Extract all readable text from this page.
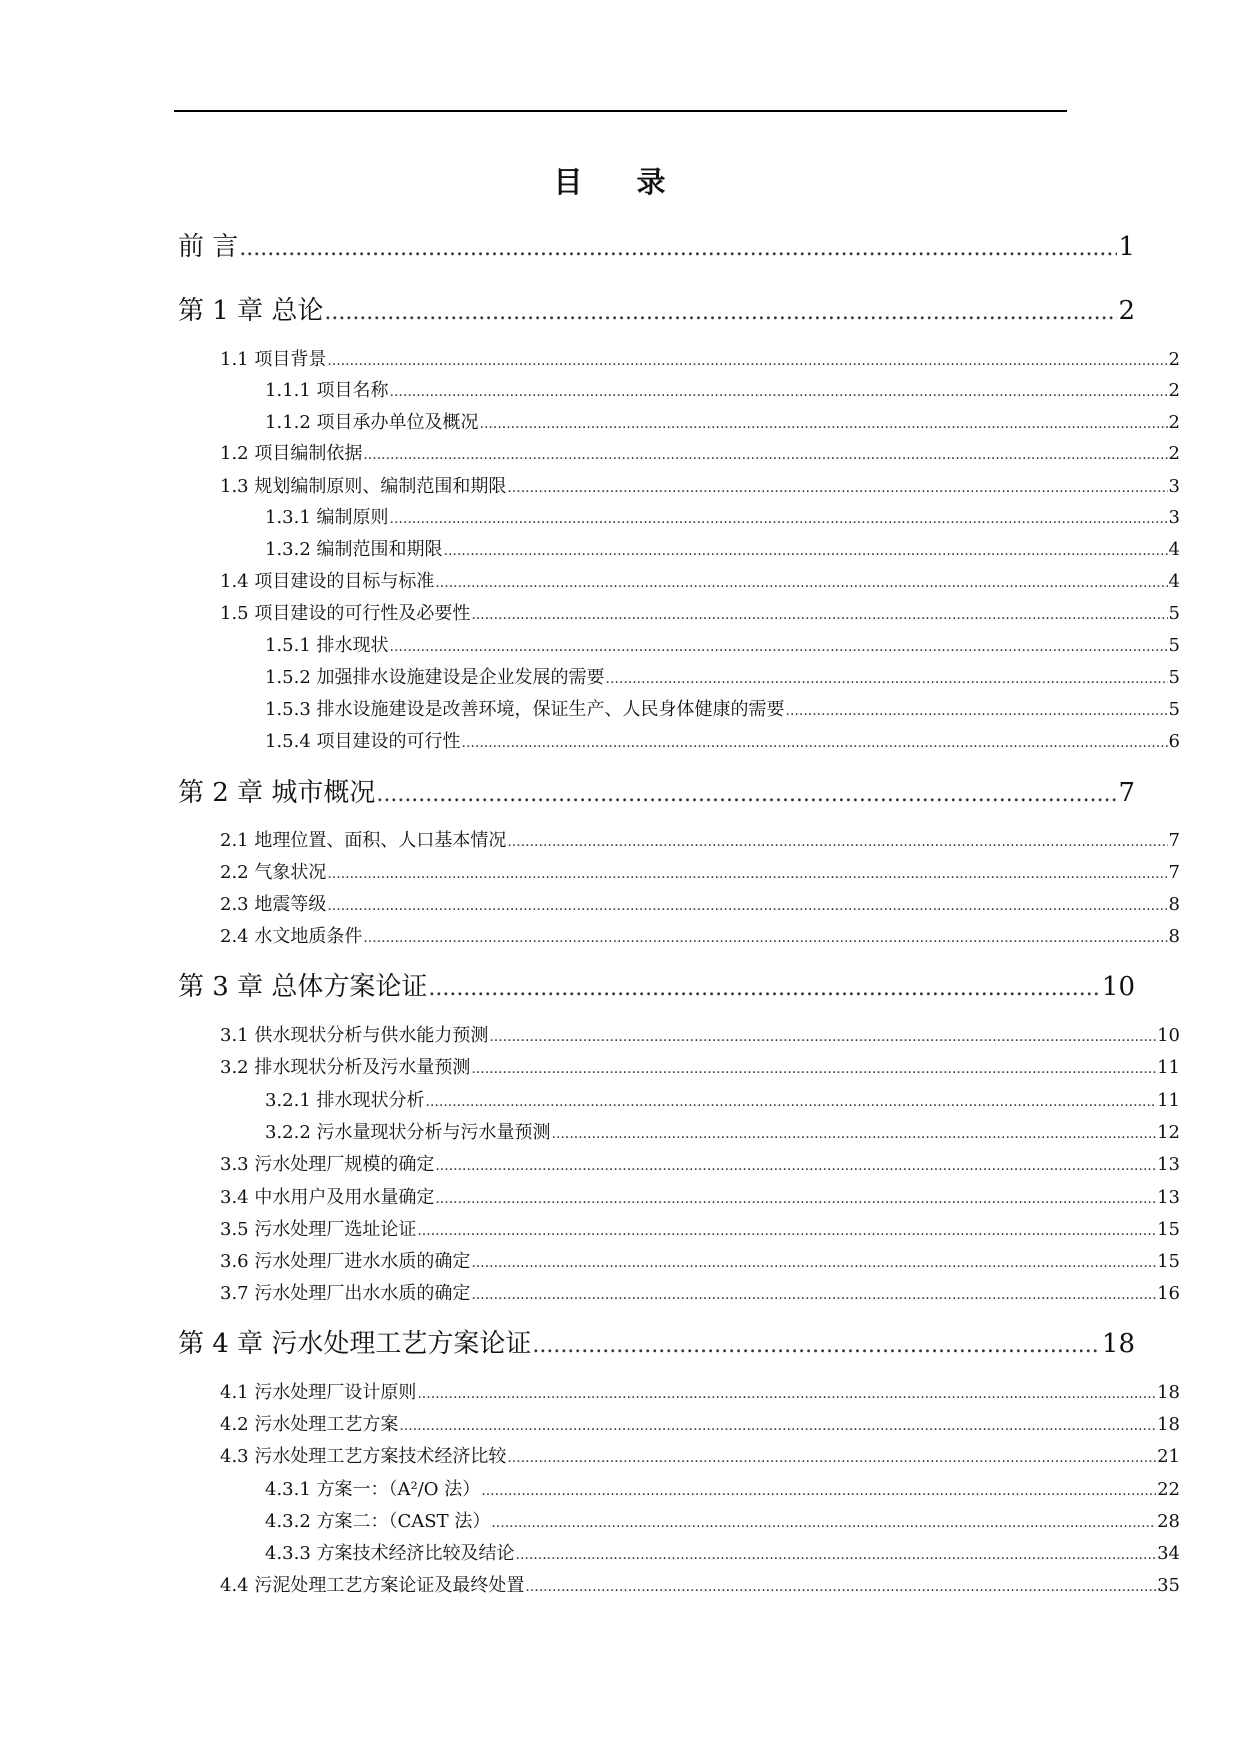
目 录
前 言 .....	1
第 1 章 总论 .....	2
1.1 项目背景 .....	2
1.1.1 项目名称 .....	2
1.1.2 项目承办单位及概况 .....	2
1.2 项目编制依据 .....	2
1.3 规划编制原则、编制范围和期限 .....	3
1.3.1 编制原则 .....	3
1.3.2 编制范围和期限 .....	4
1.4 项目建设的目标与标准 .....	4
1.5 项目建设的可行性及必要性 .....	5
1.5.1 排水现状 .....	5
1.5.2 加强排水设施建设是企业发展的需要 .....	5
1.5.3 排水设施建设是改善环境，保证生产、人民身体健康的需要 .....	5
1.5.4 项目建设的可行性 .....	6
第 2 章 城市概况 .....	7
2.1 地理位置、面积、人口基本情况 .....	7
2.2 气象状况 .....	7
2.3 地震等级 .....	8
2.4 水文地质条件 .....	8
第 3 章 总体方案论证 .....	10
3.1 供水现状分析与供水能力预测 .....	10
3.2 排水现状分析及污水量预测 .....	11
3.2.1 排水现状分析 .....	11
3.2.2 污水量现状分析与污水量预测 .....	12
3.3 污水处理厂规模的确定 .....	13
3.4 中水用户及用水量确定 .....	13
3.5 污水处理厂选址论证 .....	15
3.6 污水处理厂进水水质的确定 .....	15
3.7 污水处理厂出水水质的确定 .....	16
第 4 章 污水处理工艺方案论证 .....	18
4.1 污水处理厂设计原则 .....	18
4.2 污水处理工艺方案 .....	18
4.3 污水处理工艺方案技术经济比较 .....	21
4.3.1 方案一：（A²/O 法） .....	22
4.3.2 方案二：（CAST 法） .....	28
4.3.3 方案技术经济比较及结论 .....	34
4.4 污泥处理工艺方案论证及最终处置 .....	35
